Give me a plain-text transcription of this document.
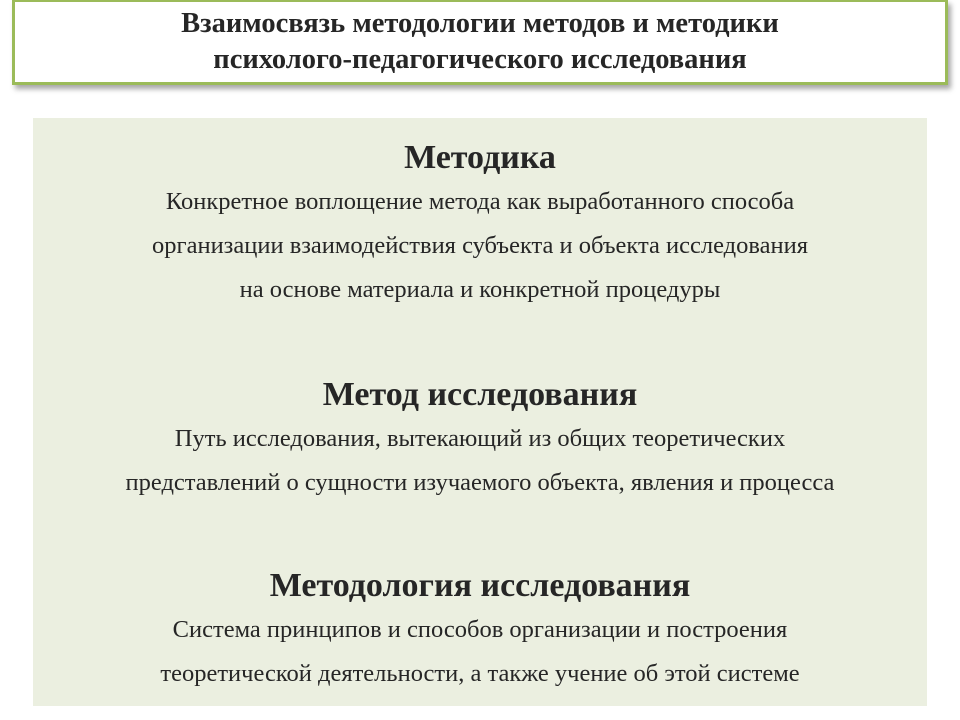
Взаимосвязь методологии методов и методики
психолого-педагогического исследования
Методика
Конкретное воплощение метода как выработанного способа
организации взаимодействия субъекта и объекта исследования
на основе материала и конкретной процедуры
Метод исследования
Путь исследования, вытекающий из общих теоретических
представлений о сущности изучаемого объекта, явления и процесса
Методология исследования
Система принципов и способов организации и построения
теоретической деятельности, а также учение об этой системе
